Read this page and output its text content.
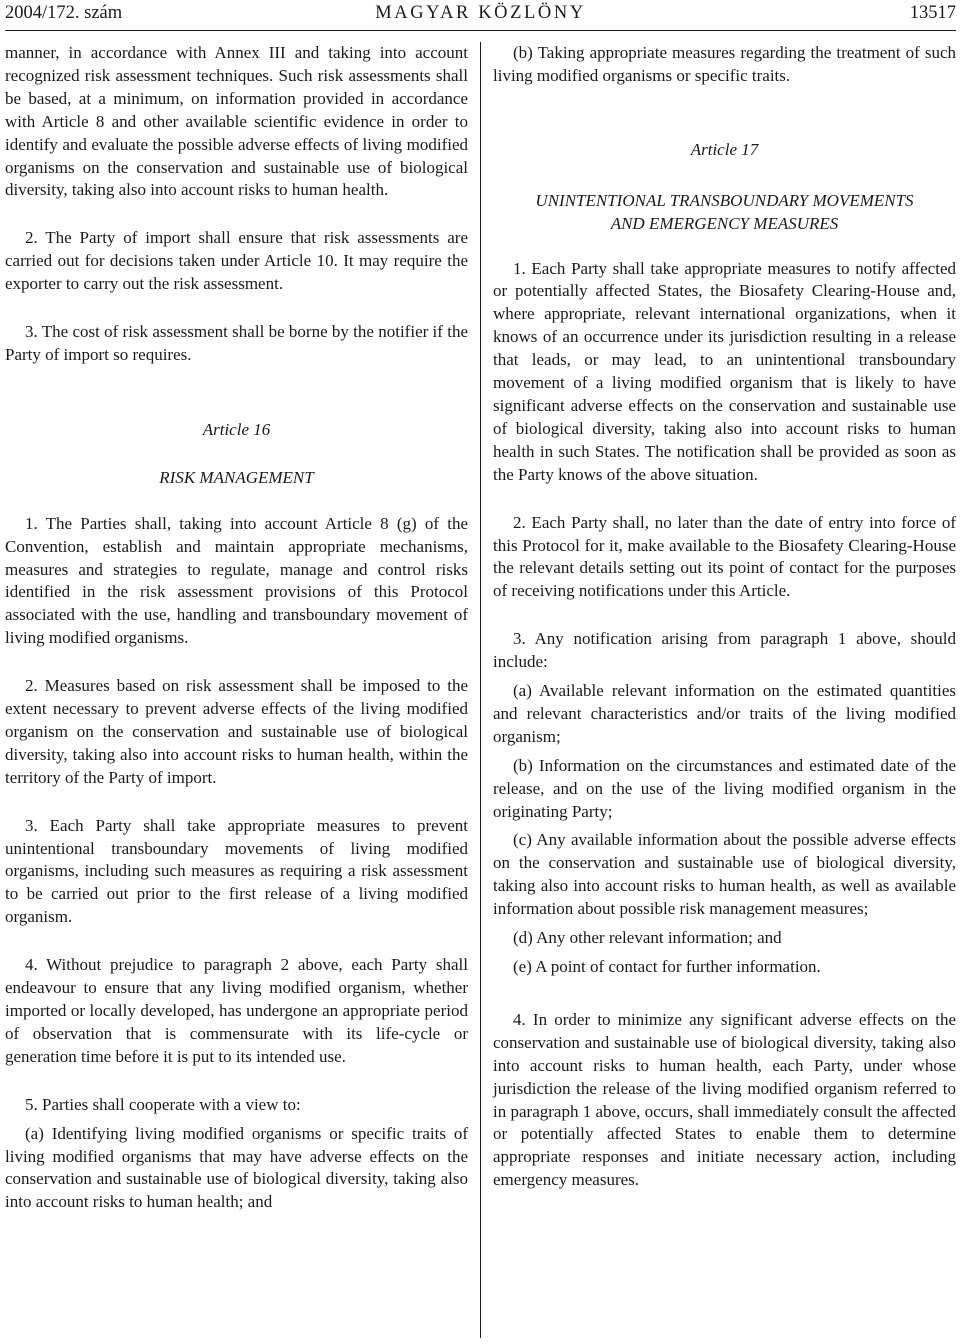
2004/172. szám	MAGYAR KÖZLÖNY	13517

manner, in accordance with Annex III and taking into account recognized risk assessment techniques. Such risk assessments shall be based, at a minimum, on information provided in accordance with Article 8 and other available scientific evidence in order to identify and evaluate the possible adverse effects of living modified organisms on the conservation and sustainable use of biological diversity, taking also into account risks to human health.

2. The Party of import shall ensure that risk assessments are carried out for decisions taken under Article 10. It may require the exporter to carry out the risk assessment.

3. The cost of risk assessment shall be borne by the notifier if the Party of import so requires.

Article 16

RISK MANAGEMENT

1. The Parties shall, taking into account Article 8 (g) of the Convention, establish and maintain appropriate mechanisms, measures and strategies to regulate, manage and control risks identified in the risk assessment provisions of this Protocol associated with the use, handling and transboundary movement of living modified organisms.

2. Measures based on risk assessment shall be imposed to the extent necessary to prevent adverse effects of the living modified organism on the conservation and sustainable use of biological diversity, taking also into account risks to human health, within the territory of the Party of import.

3. Each Party shall take appropriate measures to prevent unintentional transboundary movements of living modified organisms, including such measures as requiring a risk assessment to be carried out prior to the first release of a living modified organism.

4. Without prejudice to paragraph 2 above, each Party shall endeavour to ensure that any living modified organism, whether imported or locally developed, has undergone an appropriate period of observation that is commensurate with its life-cycle or generation time before it is put to its intended use.

5. Parties shall cooperate with a view to:

(a) Identifying living modified organisms or specific traits of living modified organisms that may have adverse effects on the conservation and sustainable use of biological diversity, taking also into account risks to human health; and

(b) Taking appropriate measures regarding the treatment of such living modified organisms or specific traits.

Article 17

UNINTENTIONAL TRANSBOUNDARY MOVEMENTS

AND EMERGENCY MEASURES

1. Each Party shall take appropriate measures to notify affected or potentially affected States, the Biosafety Clearing-House and, where appropriate, relevant international organizations, when it knows of an occurrence under its jurisdiction resulting in a release that leads, or may lead, to an unintentional transboundary movement of a living modified organism that is likely to have significant adverse effects on the conservation and sustainable use of biological diversity, taking also into account risks to human health in such States. The notification shall be provided as soon as the Party knows of the above situation.

2. Each Party shall, no later than the date of entry into force of this Protocol for it, make available to the Biosafety Clearing-House the relevant details setting out its point of contact for the purposes of receiving notifications under this Article.

3. Any notification arising from paragraph 1 above, should include:

(a) Available relevant information on the estimated quantities and relevant characteristics and/or traits of the living modified organism;

(b) Information on the circumstances and estimated date of the release, and on the use of the living modified organism in the originating Party;

(c) Any available information about the possible adverse effects on the conservation and sustainable use of biological diversity, taking also into account risks to human health, as well as available information about possible risk management measures;

(d) Any other relevant information; and

(e) A point of contact for further information.

4. In order to minimize any significant adverse effects on the conservation and sustainable use of biological diversity, taking also into account risks to human health, each Party, under whose jurisdiction the release of the living modified organism referred to in paragraph 1 above, occurs, shall immediately consult the affected or potentially affected States to enable them to determine appropriate responses and initiate necessary action, including emergency measures.
